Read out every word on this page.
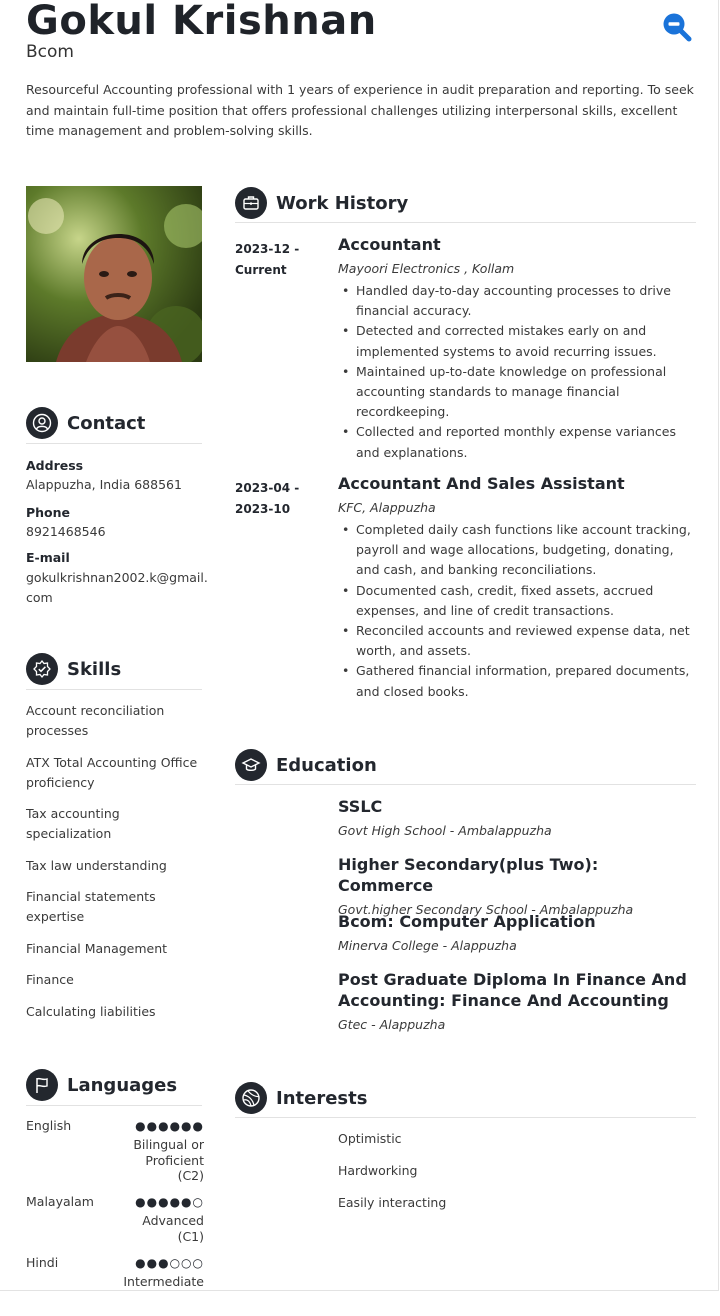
Gokul Krishnan
Bcom

Resourceful Accounting professional with 1 years of experience in audit preparation and reporting. To seek and maintain full-time position that offers professional challenges utilizing interpersonal skills, excellent time management and problem-solving skills.

Contact
Address
Alappuzha, India 688561
Phone
8921468546
E-mail
gokulkrishnan2002.k@gmail.
com
Skills
Account reconciliation processes
ATX Total Accounting Office proficiency
Tax accounting specialization
Tax law understanding
Financial statements expertise
Financial Management
Finance
Calculating liabilities
Languages
English	●●●●●●
Bilingual or
Proficient
(C2)
Malayalam	●●●●●○
Advanced
(C1)
Hindi	●●●○○○
Intermediate
Work History
2023-12 -
Current
Accountant
Mayoori Electronics , Kollam
• Handled day-to-day accounting processes to drive financial accuracy.
• Detected and corrected mistakes early on and implemented systems to avoid recurring issues.
• Maintained up-to-date knowledge on professional accounting standards to manage financial recordkeeping.
• Collected and reported monthly expense variances and explanations.
2023-04 -
2023-10
Accountant And Sales Assistant
KFC, Alappuzha
• Completed daily cash functions like account tracking, payroll and wage allocations, budgeting, donating, and cash, and banking reconciliations.
• Documented cash, credit, fixed assets, accrued expenses, and line of credit transactions.
• Reconciled accounts and reviewed expense data, net worth, and assets.
• Gathered financial information, prepared documents, and closed books.
Education
SSLC
Govt High School - Ambalappuzha
Higher Secondary(plus Two): Commerce
Govt.higher Secondary School - Ambalappuzha
Bcom: Computer Application
Minerva College - Alappuzha
Post Graduate Diploma In Finance And Accounting: Finance And Accounting
Gtec - Alappuzha
Interests
Optimistic
Hardworking
Easily interacting
